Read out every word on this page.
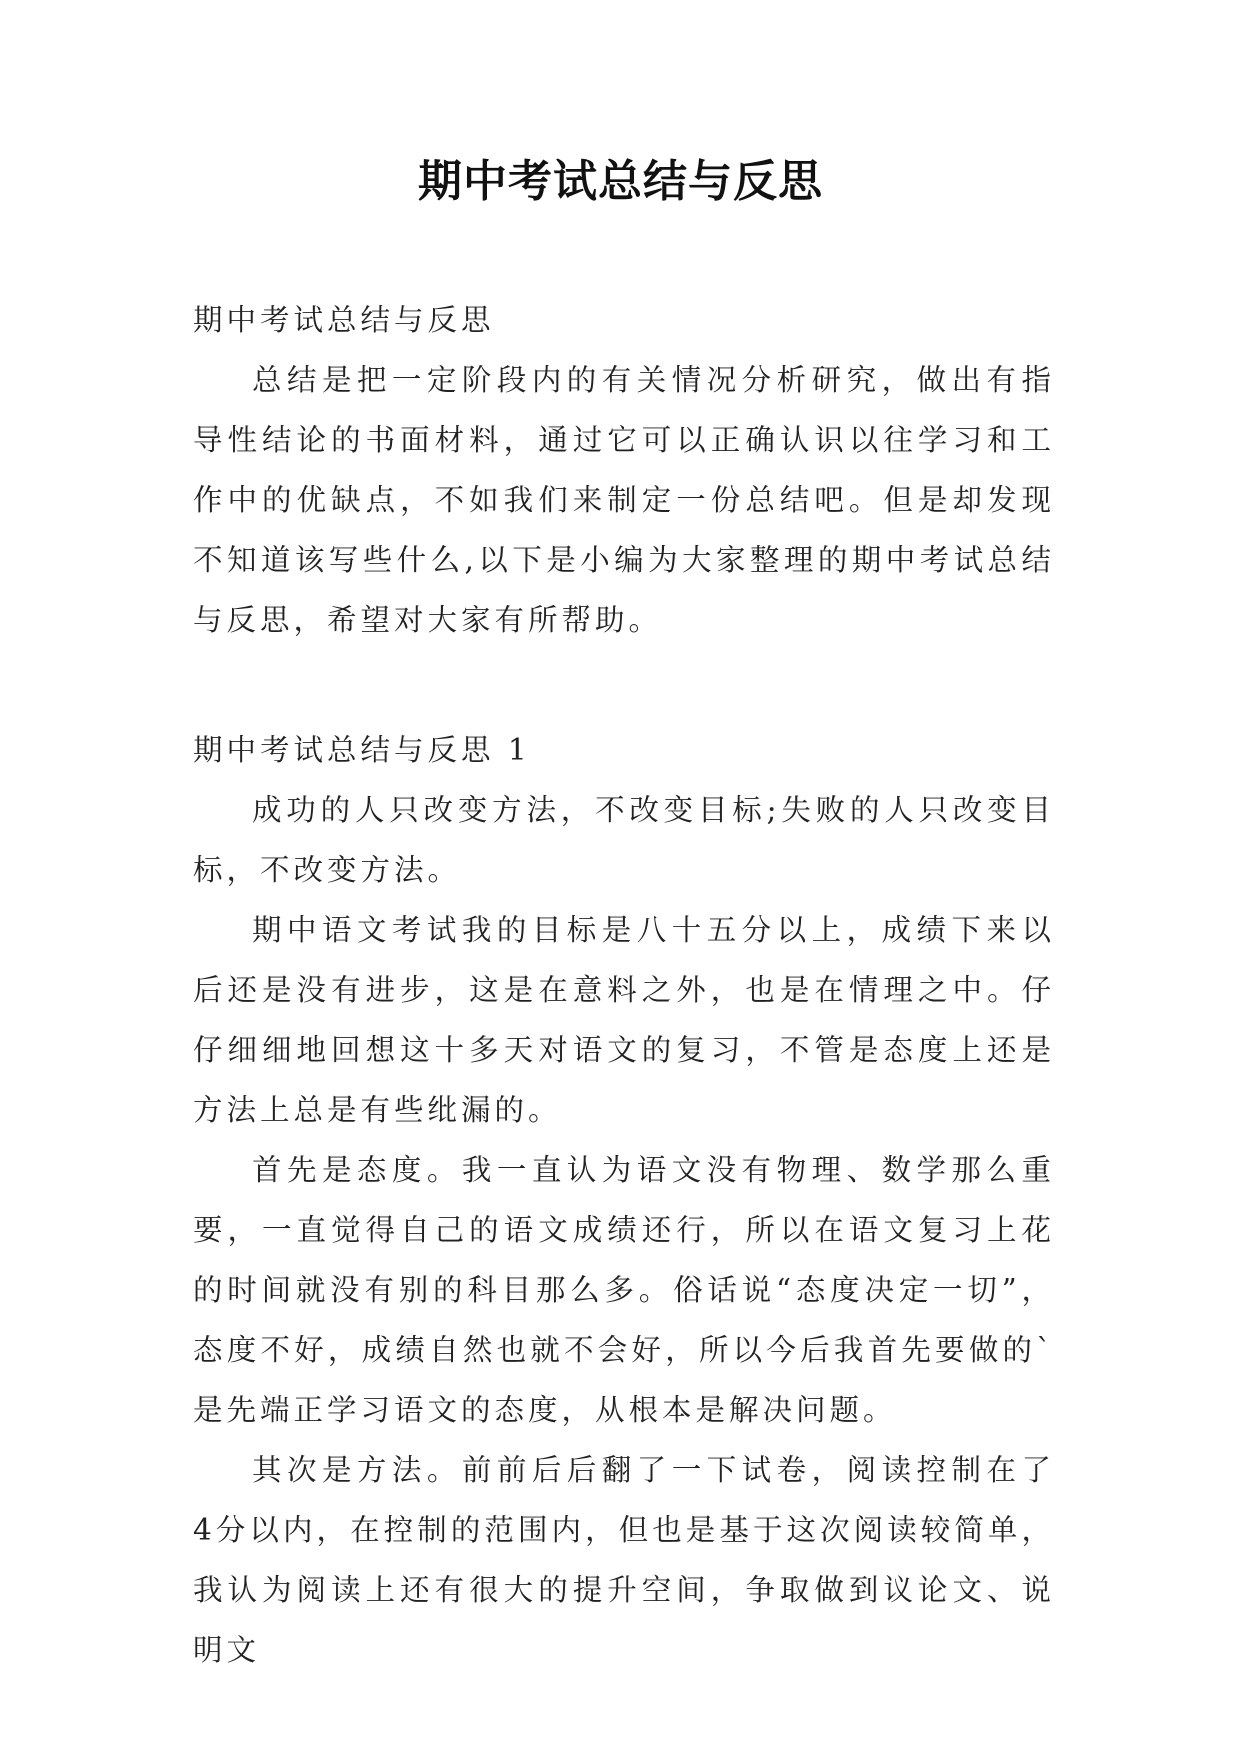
期中考试总结与反思

期中考试总结与反思

总结是把一定阶段内的有关情况分析研究，做出有指导性结论的书面材料，通过它可以正确认识以往学习和工作中的优缺点，不如我们来制定一份总结吧。但是却发现不知道该写些什么,以下是小编为大家整理的期中考试总结与反思，希望对大家有所帮助。

期中考试总结与反思 1

成功的人只改变方法，不改变目标;失败的人只改变目标，不改变方法。

期中语文考试我的目标是八十五分以上，成绩下来以后还是没有进步，这是在意料之外，也是在情理之中。仔仔细细地回想这十多天对语文的复习，不管是态度上还是方法上总是有些纰漏的。

首先是态度。我一直认为语文没有物理、数学那么重要，一直觉得自己的语文成绩还行，所以在语文复习上花的时间就没有别的科目那么多。俗话说“态度决定一切”，态度不好，成绩自然也就不会好，所以今后我首先要做的`是先端正学习语文的态度，从根本是解决问题。

其次是方法。前前后后翻了一下试卷，阅读控制在了 4分以内，在控制的范围内，但也是基于这次阅读较简单，我认为阅读上还有很大的提升空间，争取做到议论文、说明文
